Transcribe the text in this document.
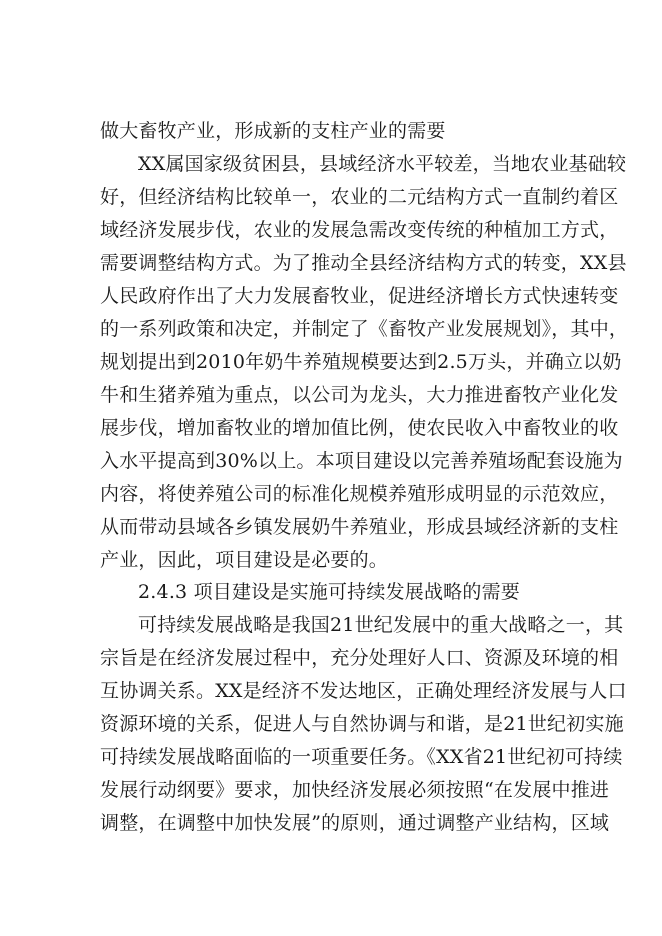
做大畜牧产业，形成新的支柱产业的需要
XX属国家级贫困县，县域经济水平较差，当地农业基础较
好，但经济结构比较单一，农业的二元结构方式一直制约着区
域经济发展步伐，农业的发展急需改变传统的种植加工方式，
需要调整结构方式。为了推动全县经济结构方式的转变，XX县
人民政府作出了大力发展畜牧业，促进经济增长方式快速转变
的一系列政策和决定，并制定了《畜牧产业发展规划》，其中，
规划提出到2010年奶牛养殖规模要达到2.5万头，并确立以奶
牛和生猪养殖为重点，以公司为龙头，大力推进畜牧产业化发
展步伐，增加畜牧业的增加值比例，使农民收入中畜牧业的收
入水平提高到30%以上。本项目建设以完善养殖场配套设施为
内容，将使养殖公司的标准化规模养殖形成明显的示范效应，
从而带动县域各乡镇发展奶牛养殖业，形成县域经济新的支柱
产业，因此，项目建设是必要的。
2.4.3 项目建设是实施可持续发展战略的需要
可持续发展战略是我国21世纪发展中的重大战略之一，其
宗旨是在经济发展过程中，充分处理好人口、资源及环境的相
互协调关系。XX是经济不发达地区，正确处理经济发展与人口
资源环境的关系，促进人与自然协调与和谐，是21世纪初实施
可持续发展战略面临的一项重要任务。《XX省21世纪初可持续
发展行动纲要》要求，加快经济发展必须按照“在发展中推进
调整，在调整中加快发展”的原则，通过调整产业结构，区域
